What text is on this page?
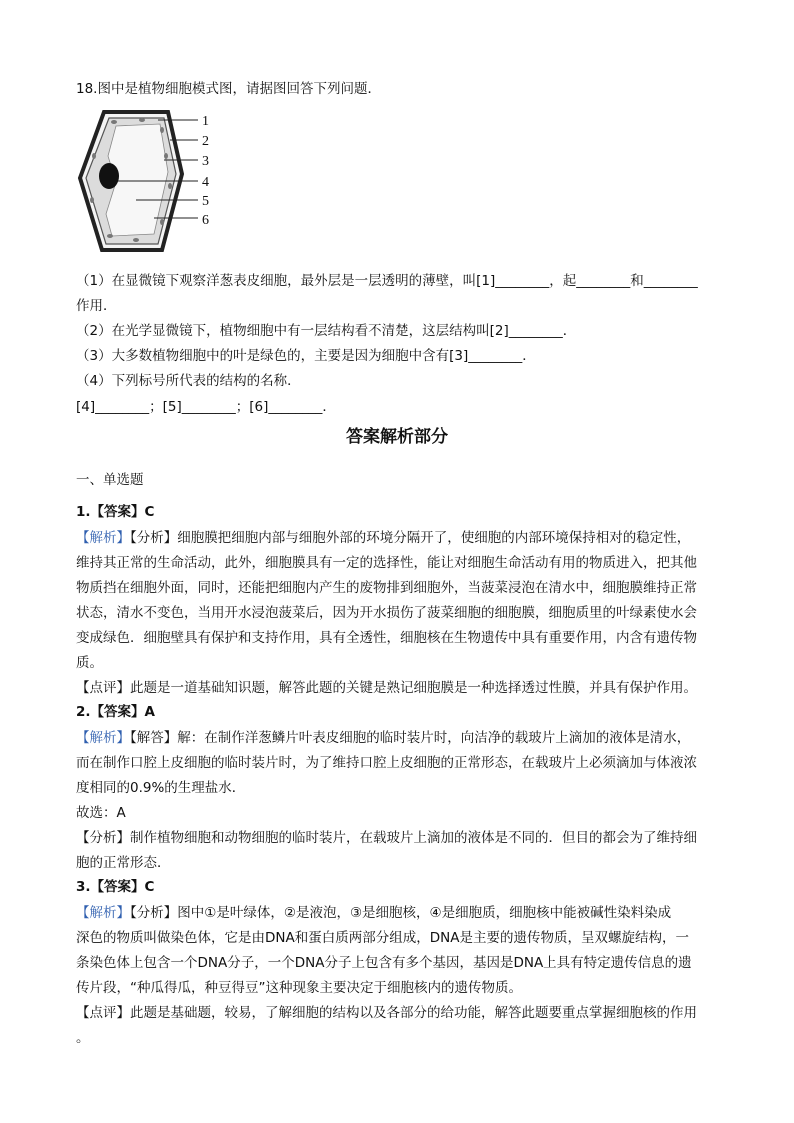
18.图中是植物细胞模式图，请据图回答下列问题．
1
2
3
4
5
6
（1）在显微镜下观察洋葱表皮细胞，最外层是一层透明的薄壁，叫[1]________，起________和________
作用．
（2）在光学显微镜下，植物细胞中有一层结构看不清楚，这层结构叫[2]________．
（3）大多数植物细胞中的叶是绿色的，主要是因为细胞中含有[3]________．
（4）下列标号所代表的结构的名称．
[4]________；[5]________；[6]________．
答案解析部分
一、单选题
1.【答案】C
【解析】【分析】细胞膜把细胞内部与细胞外部的环境分隔开了，使细胞的内部环境保持相对的稳定性，
维持其正常的生命活动，此外，细胞膜具有一定的选择性，能让对细胞生命活动有用的物质进入，把其他
物质挡在细胞外面，同时，还能把细胞内产生的废物排到细胞外，当菠菜浸泡在清水中，细胞膜维持正常
状态，清水不变色，当用开水浸泡菠菜后，因为开水损伤了菠菜细胞的细胞膜，细胞质里的叶绿素使水会
变成绿色．细胞壁具有保护和支持作用，具有全透性，细胞核在生物遗传中具有重要作用，内含有遗传物
质。
【点评】此题是一道基础知识题，解答此题的关键是熟记细胞膜是一种选择透过性膜，并具有保护作用。
2.【答案】A
【解析】【解答】解：在制作洋葱鳞片叶表皮细胞的临时装片时，向洁净的载玻片上滴加的液体是清水，
而在制作口腔上皮细胞的临时装片时，为了维持口腔上皮细胞的正常形态，在载玻片上必须滴加与体液浓
度相同的0.9%的生理盐水．
故选：A
【分析】制作植物细胞和动物细胞的临时装片，在载玻片上滴加的液体是不同的．但目的都会为了维持细
胞的正常形态．
3.【答案】C
【解析】【分析】图中①是叶绿体，②是液泡，③是细胞核，④是细胞质，细胞核中能被碱性染料染成
深色的物质叫做染色体，它是由DNA和蛋白质两部分组成，DNA是主要的遗传物质，呈双螺旋结构，一
条染色体上包含一个DNA分子，一个DNA分子上包含有多个基因，基因是DNA上具有特定遗传信息的遗
传片段，“种瓜得瓜，种豆得豆”这种现象主要决定于细胞核内的遗传物质。
【点评】此题是基础题，较易，了解细胞的结构以及各部分的给功能，解答此题要重点掌握细胞核的作用
。
